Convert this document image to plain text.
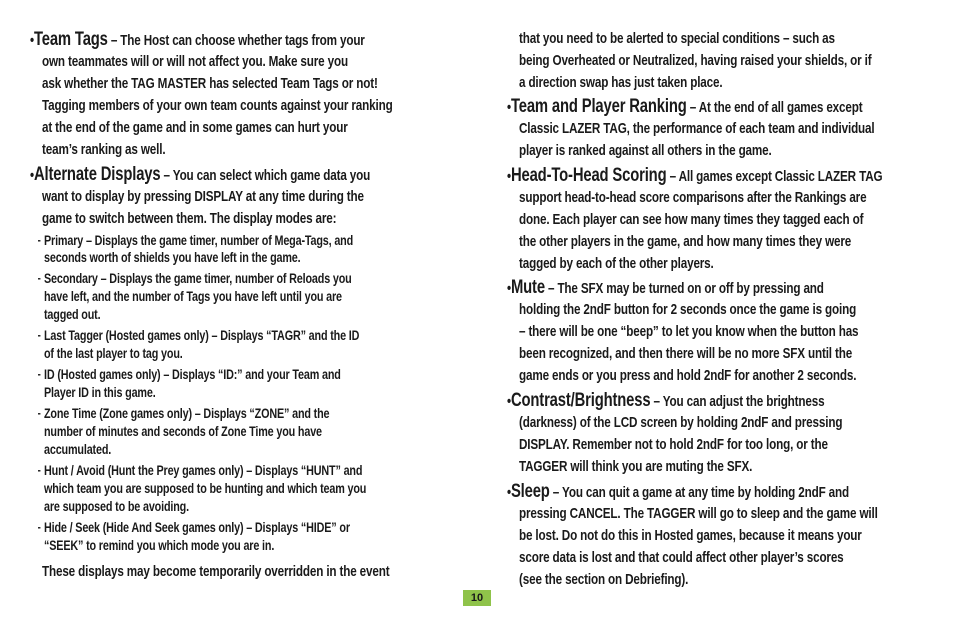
•Team Tags – The Host can choose whether tags from your
own teammates will or will not affect you. Make sure you
ask whether the TAG MASTER has selected Team Tags or not!
Tagging members of your own team counts against your ranking
at the end of the game and in some games can hurt your
team’s ranking as well.
•Alternate Displays – You can select which game data you
want to display by pressing DISPLAY at any time during the
game to switch between them. The display modes are:
- Primary – Displays the game timer, number of Mega-Tags, and
seconds worth of shields you have left in the game.
- Secondary – Displays the game timer, number of Reloads you
have left, and the number of Tags you have left until you are
tagged out.
- Last Tagger (Hosted games only) – Displays “TAGR” and the ID
of the last player to tag you.
- ID (Hosted games only) – Displays “ID:” and your Team and
Player ID in this game.
- Zone Time (Zone games only) – Displays “ZONE” and the
number of minutes and seconds of Zone Time you have
accumulated.
- Hunt / Avoid (Hunt the Prey games only) – Displays “HUNT” and
which team you are supposed to be hunting and which team you
are supposed to be avoiding.
- Hide / Seek (Hide And Seek games only) – Displays “HIDE” or
“SEEK” to remind you which mode you are in.
These displays may become temporarily overridden in the event
that you need to be alerted to special conditions – such as
being Overheated or Neutralized, having raised your shields, or if
a direction swap has just taken place.
•Team and Player Ranking – At the end of all games except
Classic LAZER TAG, the performance of each team and individual
player is ranked against all others in the game.
•Head-To-Head Scoring – All games except Classic LAZER TAG
support head-to-head score comparisons after the Rankings are
done. Each player can see how many times they tagged each of
the other players in the game, and how many times they were
tagged by each of the other players.
•Mute – The SFX may be turned on or off by pressing and
holding the 2ndF button for 2 seconds once the game is going
– there will be one “beep” to let you know when the button has
been recognized, and then there will be no more SFX until the
game ends or you press and hold 2ndF for another 2 seconds.
•Contrast/Brightness – You can adjust the brightness
(darkness) of the LCD screen by holding 2ndF and pressing
DISPLAY. Remember not to hold 2ndF for too long, or the
TAGGER will think you are muting the SFX.
•Sleep – You can quit a game at any time by holding 2ndF and
pressing CANCEL. The TAGGER will go to sleep and the game will
be lost. Do not do this in Hosted games, because it means your
score data is lost and that could affect other player’s scores
(see the section on Debriefing).
10
